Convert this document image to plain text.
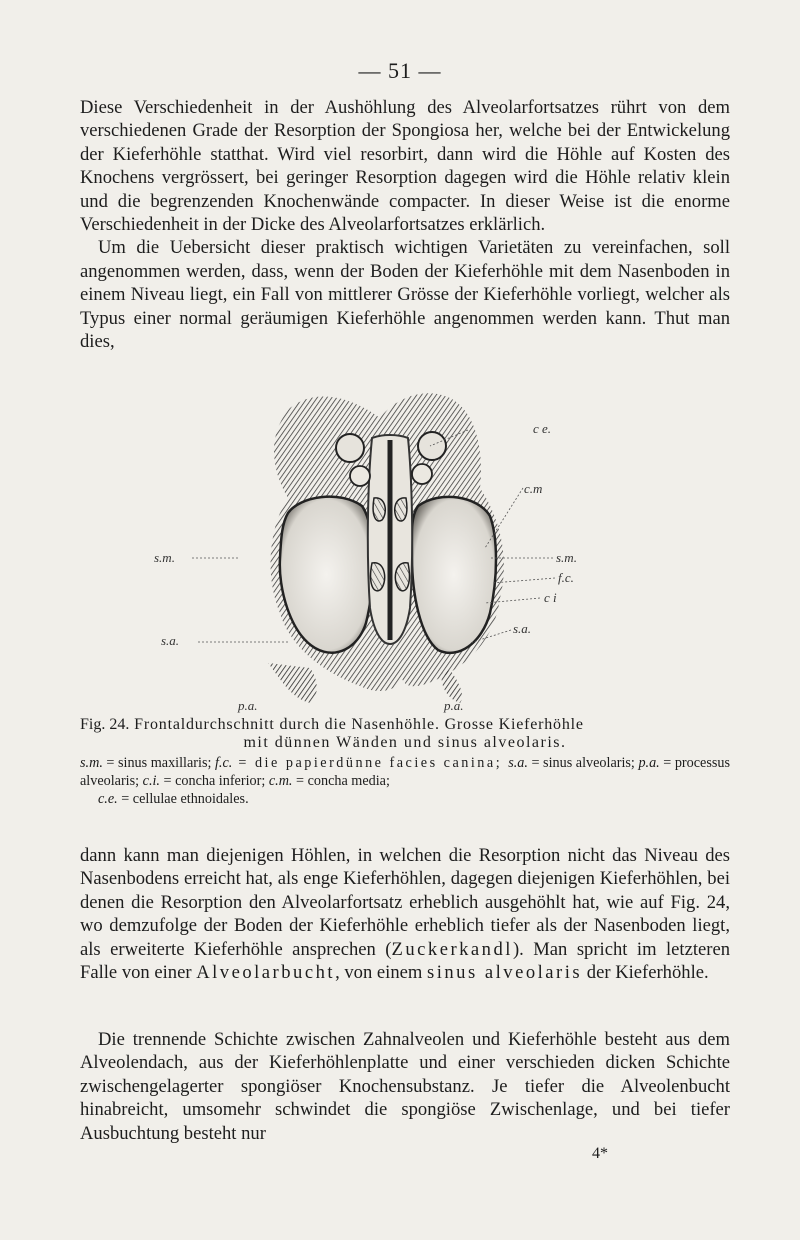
— 51 —

Diese Verschiedenheit in der Aushöhlung des Alveolarfortsatzes rührt von dem verschiedenen Grade der Resorption der Spongiosa her, welche bei der Entwickelung der Kieferhöhle statthat. Wird viel resorbirt, dann wird die Höhle auf Kosten des Knochens vergrössert, bei geringer Resorption dagegen wird die Höhle relativ klein und die begrenzenden Knochenwände compacter. In dieser Weise ist die enorme Verschiedenheit in der Dicke des Alveolarfortsatzes erklärlich.
Um die Uebersicht dieser praktisch wichtigen Varietäten zu vereinfachen, soll angenommen werden, dass, wenn der Boden der Kieferhöhle mit dem Nasenboden in einem Niveau liegt, ein Fall von mittlerer Grösse der Kieferhöhle vorliegt, welcher als Typus einer normal geräumigen Kieferhöhle angenommen werden kann. Thut man dies,

c e.
c.m
s.m.	s.m.
f.c.
c i
s.a.
s.a.
p.a.	p.a.
Fig. 24. Frontaldurchschnitt durch die Nasenhöhle. Grosse Kieferhöhle
mit dünnen Wänden und sinus alveolaris.
s.m. = sinus maxillaris; f.c. = die papierdünne facies canina; s.a. = sinus alveolaris; p.a. = processus alveolaris; c.i. = concha inferior; c.m. = concha media;
c.e. = cellulae ethnoidales.

dann kann man diejenigen Höhlen, in welchen die Resorption nicht das Niveau des Nasenbodens erreicht hat, als enge Kieferhöhlen, dagegen diejenigen Kieferhöhlen, bei denen die Resorption den Alveolarfortsatz erheblich ausgehöhlt hat, wie auf Fig. 24, wo demzufolge der Boden der Kieferhöhle erheblich tiefer als der Nasenboden liegt, als erweiterte Kieferhöhle ansprechen (Zuckerkandl). Man spricht im letzteren Falle von einer Alveolarbucht, von einem sinus alveolaris der Kieferhöhle.

Die trennende Schichte zwischen Zahnalveolen und Kieferhöhle besteht aus dem Alveolendach, aus der Kieferhöhlenplatte und einer verschieden dicken Schichte zwischengelagerter spongiöser Knochensubstanz. Je tiefer die Alveolenbucht hinabreicht, umsomehr schwindet die spongiöse Zwischenlage, und bei tiefer Ausbuchtung besteht nur

4*
